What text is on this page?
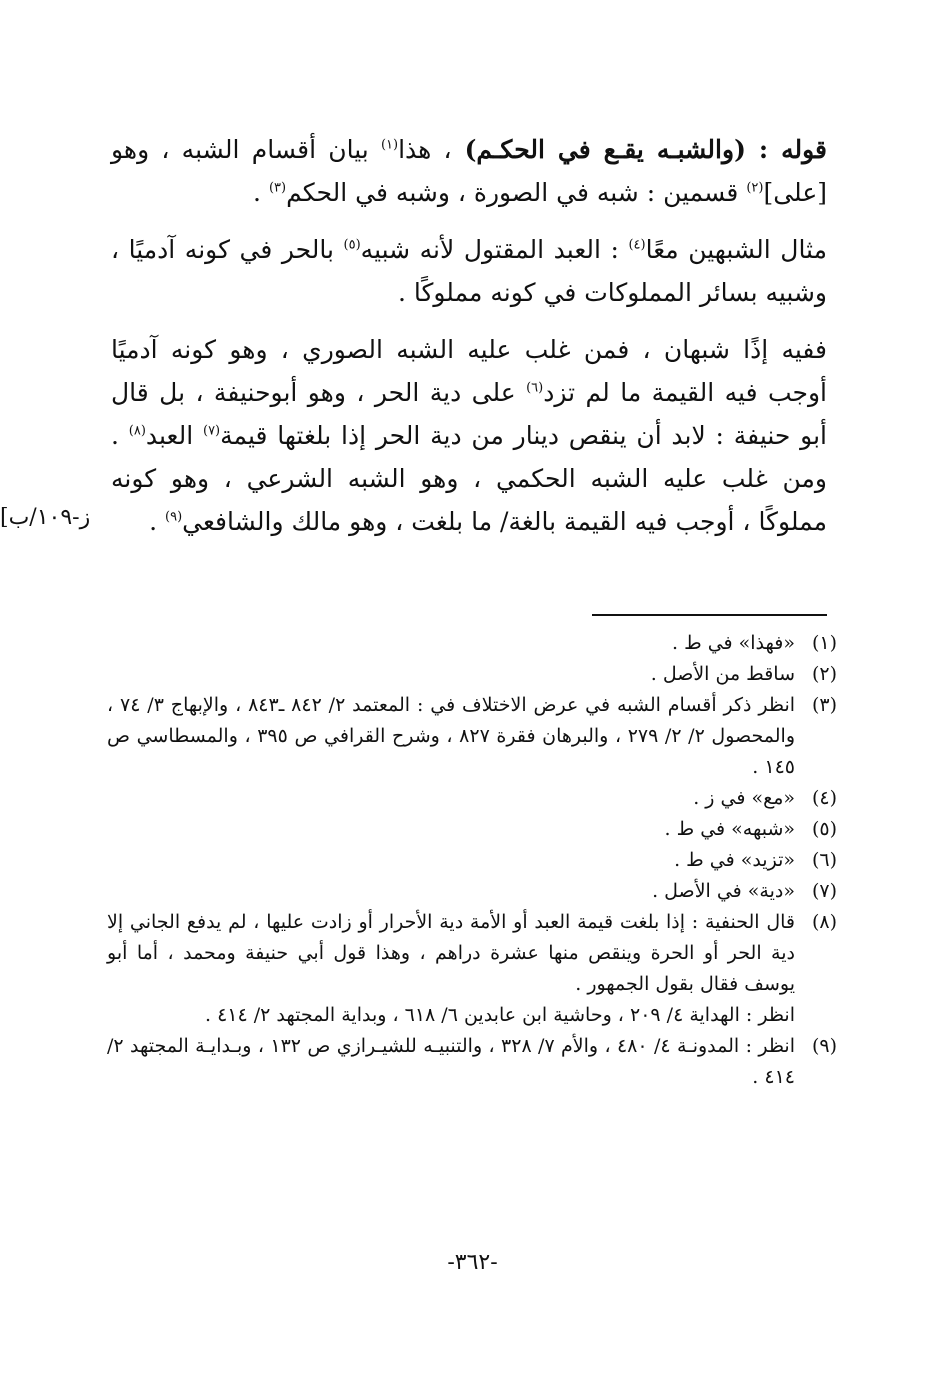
قوله : (والشبـه يقـع في الحكـم) ، هذا$^{(١)}$ بيان أقسام الشبه ، وهو [على]$^{(٢)}$ قسمين : شبه في الصورة ، وشبه في الحكم$^{(٣)}$ .

مثال الشبهين معًا$^{(٤)}$ : العبد المقتول لأنه شبيه$^{(٥)}$ بالحر في كونه آدميًا ، وشبيه بسائر المملوكات في كونه مملوكًا .

ففيه إذًا شبهان ، فمن غلب عليه الشبه الصوري ، وهو كونه آدميًا أوجب فيه القيمة ما لم تزد$^{(٦)}$ على دية الحر ، وهو أبوحنيفة ، بل قال أبو حنيفة : لابد أن ينقص دينار من دية الحر إذا بلغتها قيمة$^{(٧)}$ العبد$^{(٨)}$ . ومن غلب عليه الشبه الحكمي ، وهو الشبه الشرعي ، وهو كونه مملوكًا ، أوجب فيه القيمة بالغة/ ما بلغت ، وهو مالك والشافعي$^{(٩)}$ .

ز-١٠٩/ب]
(١)
«فهذا» في ط .
(٢)
ساقط من الأصل .
(٣)
انظر ذكر أقسام الشبه في عرض الاختلاف في : المعتمد ٢/ ٨٤٢ ـ٨٤٣ ، والإبهاج ٣/ ٧٤ ، والمحصول ٢/ ٢/ ٢٧٩ ، والبرهان فقرة ٨٢٧ ، وشرح القرافي ص ٣٩٥ ، والمسطاسي ص ١٤٥ .
(٤)
«مع» في ز .
(٥)
«شبهه» في ط .
(٦)
«تزيد» في ط .
(٧)
«دية» في الأصل .
(٨)
قال الحنفية : إذا بلغت قيمة العبد أو الأمة دية الأحرار أو زادت عليها ، لم يدفع الجاني إلا دية الحر أو الحرة وينقص منها عشرة دراهم ، وهذا قول أبي حنيفة ومحمد ، أما أبو يوسف فقال بقول الجمهور .
انظر : الهداية ٤/ ٢٠٩ ، وحاشية ابن عابدين ٦/ ٦١٨ ، وبداية المجتهد ٢/ ٤١٤ .
(٩)
انظر : المدونـة ٤/ ٤٨٠ ، والأم ٧/ ٣٢٨ ، والتنبيـه للشيـرازي ص ١٣٢ ، وبـدايـة المجتهد ٢/ ٤١٤ .
-٣٦٢-
